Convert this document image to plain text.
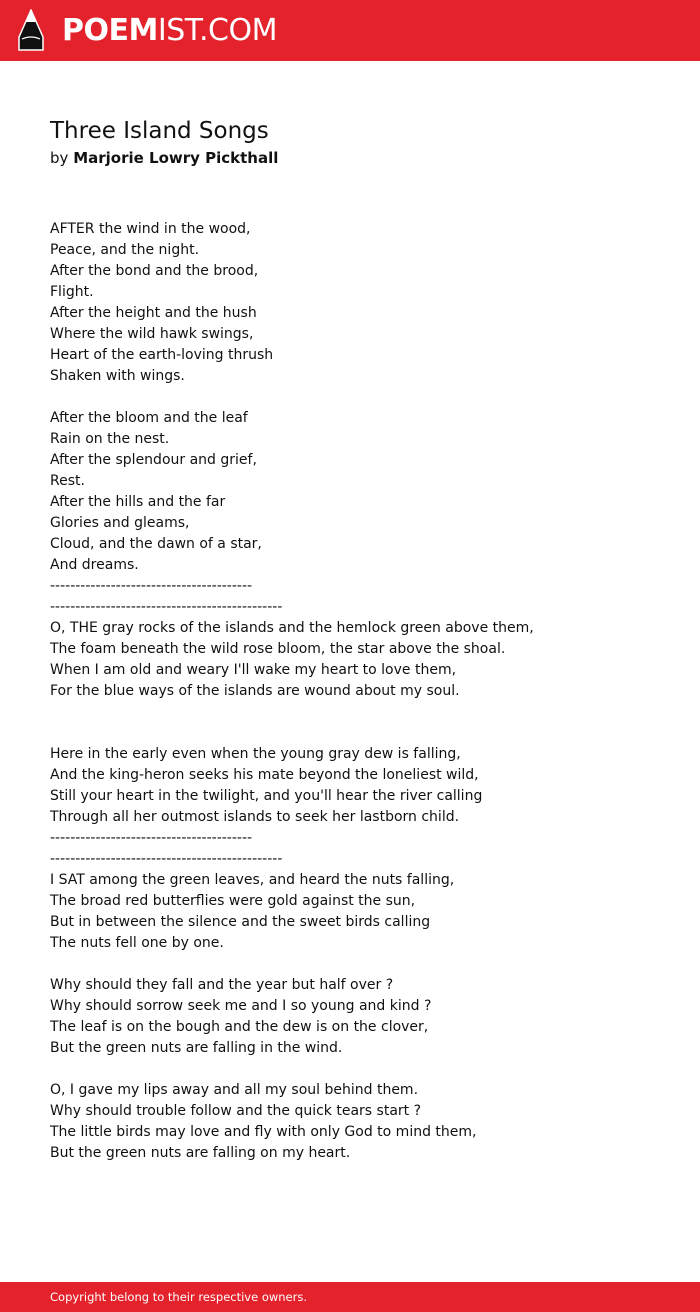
POEMIST.COM
Three Island Songs
by Marjorie Lowry Pickthall
AFTER the wind in the wood,
Peace, and the night.
After the bond and the brood,
Flight.
After the height and the hush
Where the wild hawk swings,
Heart of the earth-loving thrush
Shaken with wings.
After the bloom and the leaf
Rain on the nest.
After the splendour and grief,
Rest.
After the hills and the far
Glories and gleams,
Cloud, and the dawn of a star,
And dreams.
----------------------------------------
----------------------------------------------
O, THE gray rocks of the islands and the hemlock green above them,
The foam beneath the wild rose bloom, the star above the shoal.
When I am old and weary I'll wake my heart to love them,
For the blue ways of the islands are wound about my soul.
Here in the early even when the young gray dew is falling,
And the king-heron seeks his mate beyond the loneliest wild,
Still your heart in the twilight, and you'll hear the river calling
Through all her outmost islands to seek her lastborn child.
----------------------------------------
----------------------------------------------
I SAT among the green leaves, and heard the nuts falling,
The broad red butterflies were gold against the sun,
But in between the silence and the sweet birds calling
The nuts fell one by one.
Why should they fall and the year but half over ?
Why should sorrow seek me and I so young and kind ?
The leaf is on the bough and the dew is on the clover,
But the green nuts are falling in the wind.
O, I gave my lips away and all my soul behind them.
Why should trouble follow and the quick tears start ?
The little birds may love and fly with only God to mind them,
But the green nuts are falling on my heart.
Copyright belong to their respective owners.
